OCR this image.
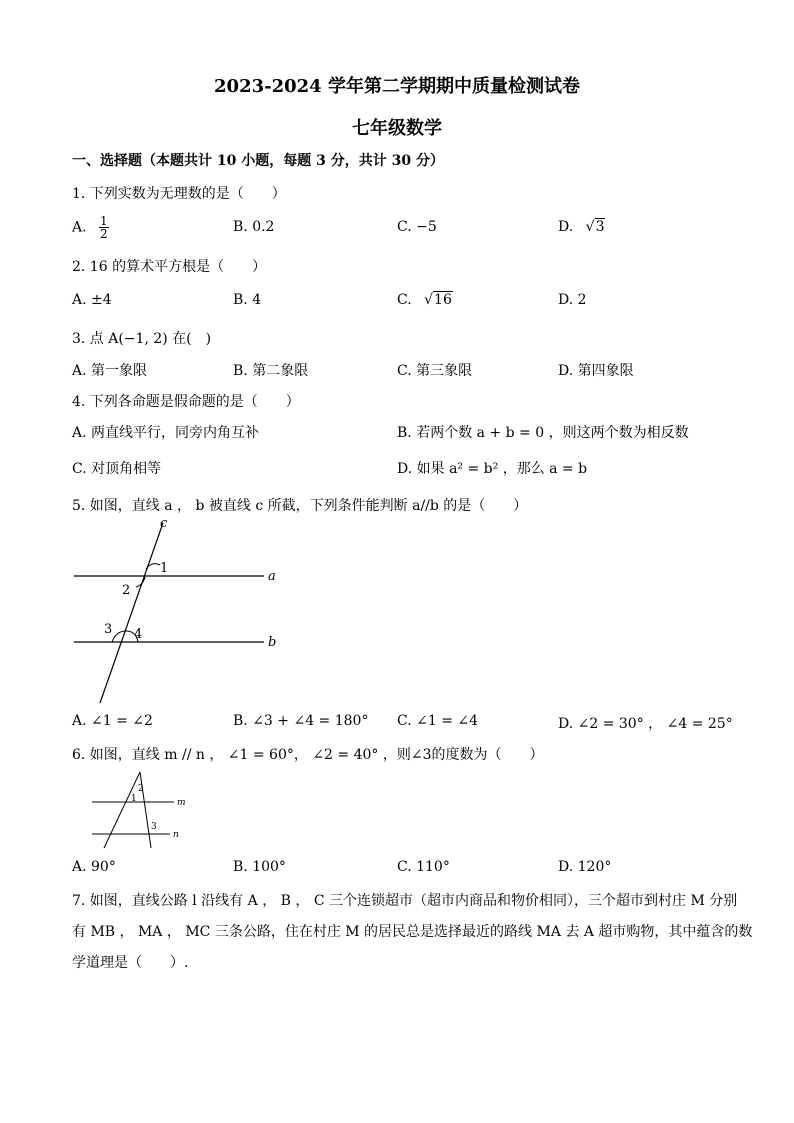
2023-2024 学年第二学期期中质量检测试卷
七年级数学
一、选择题（本题共计 10 小题，每题 3 分，共计 30 分）
1. 下列实数为无理数的是（　　）
A. $\frac{1}{2}$	B. 0.2	C. −5	D. √3
2. 16 的算术平方根是（　　）
A. ±4	B. 4	C. √16	D. 2
3. 点 A(−1, 2) 在(　)
A. 第一象限	B. 第二象限	C. 第三象限	D. 第四象限
4. 下列各命题是假命题的是（　　）
A. 两直线平行，同旁内角互补	B. 若两个数 a + b = 0 ，则这两个数为相反数
C. 对顶角相等	D. 如果 a² = b² ，那么 a = b
5. 如图，直线 a ， b 被直线 c 所截，下列条件能判断 a//b 的是（　　）
1
2
3 4
c
a
b
A. ∠1 = ∠2	B. ∠3 + ∠4 = 180° C. ∠1 = ∠4	D. ∠2 = 30° ， ∠4 = 25°
6. 如图，直线 m // n ， ∠1 = 60°， ∠2 = 40° ，则∠3的度数为（　　）
2
1
3
m
n
A. 90°	B. 100°	C. 110°	D. 120°
7. 如图，直线公路 l 沿线有 A ， B ， C 三个连锁超市（超市内商品和物价相同），三个超市到村庄 M 分别
有 MB ， MA ， MC 三条公路，住在村庄 M 的居民总是选择最近的路线 MA 去 A 超市购物，其中蕴含的数
学道理是（　　）.
